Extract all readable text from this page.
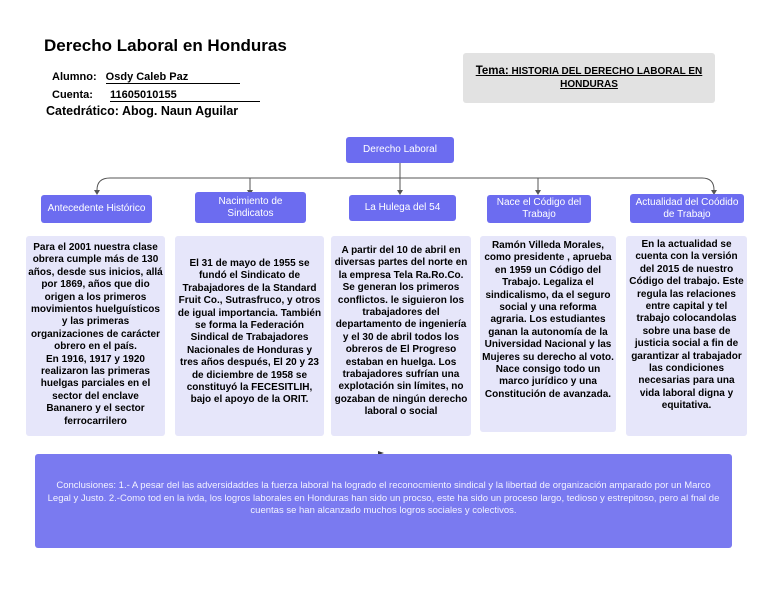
Derecho Laboral en Honduras
Alumno: Osdy Caleb Paz
Cuenta: 11605010155
Catedrático: Abog. Naun Aguilar
Tema: HISTORIA DEL DERECHO LABORAL EN HONDURAS
Derecho Laboral
Antecedente Histórico
Nacimiento de Sindicatos	La Hulega del 54	Nace el Código del Trabajo
Actualidad del Coódido de Trabajo
Para el 2001 nuestra clase obrera cumple más de 130 años, desde sus inicios, allá por 1869, años que dio origen a los primeros movimientos huelguísticos y las primeras organizaciones de carácter obrero en el país.
En 1916, 1917 y 1920 realizaron las primeras huelgas parciales en el sector del enclave Bananero y el sector ferrocarrilero
El 31 de mayo de 1955 se fundó el Sindicato de Trabajadores de la Standard Fruit Co., Sutrasfruco, y otros de igual importancia. También se forma la Federación Sindical de Trabajadores Nacionales de Honduras y tres años después, El 20 y 23 de diciembre de 1958 se constituyó la FECESITLIH, bajo el apoyo de la ORIT.
A partir del 10 de abril en diversas partes del norte en la empresa Tela Ra.Ro.Co. Se generan los primeros conflictos. le siguieron los trabajadores del departamento de ingeniería y el 30 de abril todos los obreros de El Progreso estaban en huelga. Los trabajadores sufrían una explotación sin límites, no gozaban de ningún derecho laboral o social
Ramón Villeda Morales, como presidente , aprueba en 1959 un Código del Trabajo. Legaliza el sindicalismo, da el seguro social y una reforma agraria. Los estudiantes ganan la autonomía de la Universidad Nacional y las Mujeres su derecho al voto. Nace consigo todo un marco jurídico y una Constitución de avanzada.
En la actualidad se cuenta con la versión del 2015 de nuestro Código del trabajo. Este regula las relaciones entre capital y tel trabajo colocandolas sobre una base de justicia social a fin de garantizar al trabajador las condiciones necesarias para una vida laboral digna y equitativa.
Conclusiones: 1.- A pesar del las adversidaddes la fuerza laboral ha logrado el reconocmiento sindical y la libertad de organización amparado por un Marco Legal y Justo. 2.-Como tod en la ivda, los logros laborales en Honduras han sido un procso, este ha sido un proceso largo, tedioso y estrepitoso, pero al fnal de cuentas se han alcanzado muchos logros sociales y colectivos.
